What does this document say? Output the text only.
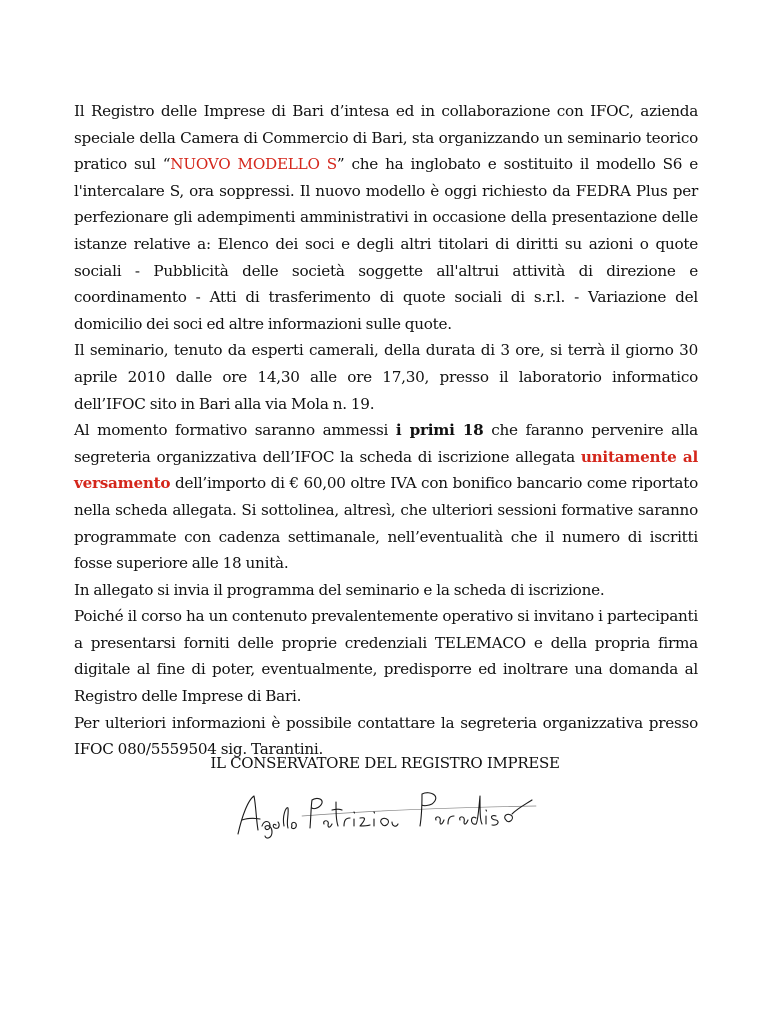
Il Registro delle Imprese di Bari d’intesa ed in collaborazione con IFOC, azienda speciale della Camera di Commercio di Bari, sta organizzando un seminario teorico pratico sul “NUOVO MODELLO S” che ha inglobato e sostituito il modello S6 e l'intercalare S, ora soppressi. Il nuovo modello è oggi richiesto da FEDRA Plus per perfezionare gli adempimenti amministrativi in occasione della presentazione delle istanze relative a: Elenco dei soci e degli altri titolari di diritti su azioni o quote sociali - Pubblicità delle società soggette all'altrui attività di direzione e coordinamento - Atti di trasferimento di quote sociali di s.r.l. - Variazione del domicilio dei soci ed altre informazioni sulle quote.

Il seminario, tenuto da esperti camerali, della durata di 3 ore, si terrà il giorno 30 aprile 2010 dalle ore 14,30 alle ore 17,30, presso il laboratorio informatico dell’IFOC sito in Bari alla via Mola n. 19.

Al momento formativo saranno ammessi i primi 18 che faranno pervenire alla segreteria organizzativa dell’IFOC la scheda di iscrizione allegata unitamente al versamento dell’importo di € 60,00 oltre IVA con bonifico bancario come riportato nella scheda allegata. Si sottolinea, altresì, che ulteriori sessioni formative saranno programmate con cadenza settimanale, nell’eventualità che il numero di iscritti fosse superiore alle 18 unità.

In allegato si invia il programma del seminario e la scheda di iscrizione.

Poiché il corso ha un contenuto prevalentemente operativo si invitano i partecipanti a presentarsi forniti delle proprie credenziali TELEMACO e della propria firma digitale al fine di poter, eventualmente, predisporre ed inoltrare una domanda al Registro delle Imprese di Bari.

Per ulteriori informazioni è possibile contattare la segreteria organizzativa presso IFOC 080/5559504 sig. Tarantini.

IL CONSERVATORE DEL REGISTRO IMPRESE
